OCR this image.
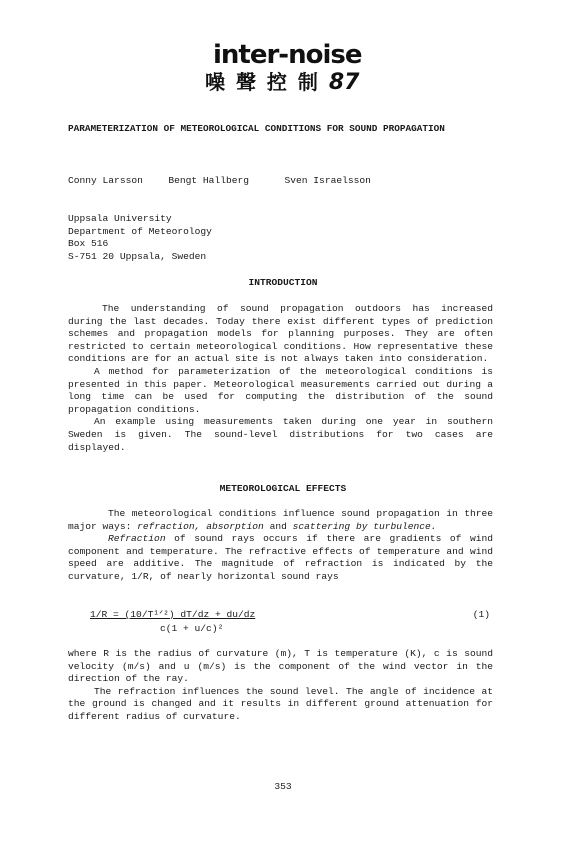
inter-noise
噪 聲 控 制 87
PARAMETERIZATION OF METEOROLOGICAL CONDITIONS FOR SOUND PROPAGATION
Conny Larsson	Bengt Hallberg	Sven Israelsson
Uppsala University
Department of Meteorology
Box 516
S-751 20 Uppsala, Sweden
INTRODUCTION

The understanding of sound propagation outdoors has increased during the last decades. Today there exist different types of prediction schemes and propagation models for planning purposes. They are often restricted to certain meteorological conditions. How representative these conditions are for an actual site is not always taken into consideration.

A method for parameterization of the meteorological conditions is presented in this paper. Meteorological measurements carried out during a long time can be used for computing the distribution of the sound propagation conditions.

An example using measurements taken during one year in southern Sweden is given. The sound-level distributions for two cases are displayed.

METEOROLOGICAL EFFECTS

The meteorological conditions influence sound propagation in three major ways: refraction, absorption and scattering by turbulence.

Refraction of sound rays occurs if there are gradients of wind component and temperature. The refractive effects of temperature and wind speed are additive. The magnitude of refraction is indicated by the curvature, 1/R, of nearly horizontal sound rays

1/R = (10/T¹ᐟ²) dT/dz + du/dz
c(1 + u/c)²
(1)

where R is the radius of curvature (m), T is temperature (K), c is sound velocity (m/s) and u (m/s) is the component of the wind vector in the direction of the ray.

The refraction influences the sound level. The angle of incidence at the ground is changed and it results in different ground attenuation for different radius of curvature.

353
